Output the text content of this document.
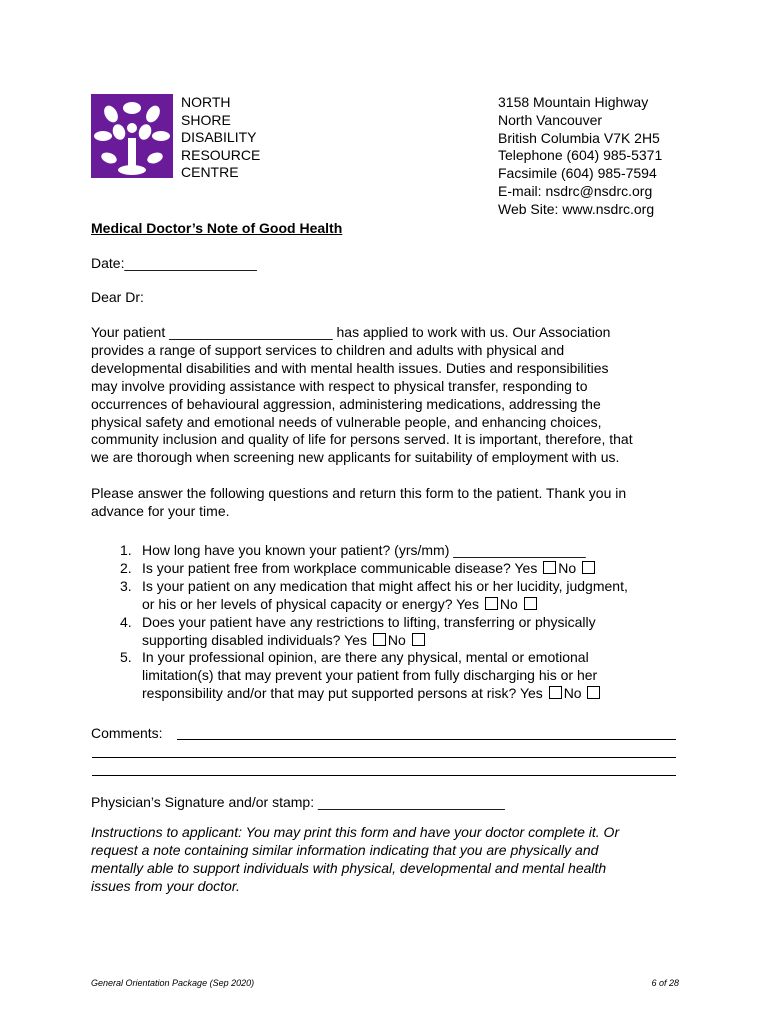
NORTH
SHORE
DISABILITY
RESOURCE
CENTRE
3158 Mountain Highway
North Vancouver
British Columbia V7K 2H5
Telephone (604) 985-5371
Facsimile (604) 985-7594
E-mail: nsdrc@nsdrc.org
Web Site: www.nsdrc.org
Medical Doctor’s Note of Good Health
Date:_________________
Dear Dr:
Your patient _____________________ has applied to work with us. Our Association
provides a range of support services to children and adults with physical and
developmental disabilities and with mental health issues. Duties and responsibilities
may involve providing assistance with respect to physical transfer, responding to
occurrences of behavioural aggression, administering medications, addressing the
physical safety and emotional needs of vulnerable people, and enhancing choices,
community inclusion and quality of life for persons served. It is important, therefore, that
we are thorough when screening new applicants for suitability of employment with us.
Please answer the following questions and return this form to the patient. Thank you in
advance for your time.
1. How long have you known your patient? (yrs/mm) _________________
2. Is your patient free from workplace communicable disease? Yes No
3. Is your patient on any medication that might affect his or her lucidity, judgment,
or his or her levels of physical capacity or energy? Yes No
4. Does your patient have any restrictions to lifting, transferring or physically
supporting disabled individuals? Yes No
5. In your professional opinion, are there any physical, mental or emotional
limitation(s) that may prevent your patient from fully discharging his or her
responsibility and/or that may put supported persons at risk? Yes No
Comments:
Physician’s Signature and/or stamp: ________________________
Instructions to applicant: You may print this form and have your doctor complete it. Or
request a note containing similar information indicating that you are physically and
mentally able to support individuals with physical, developmental and mental health
issues from your doctor.
General Orientation Package (Sep 2020)	6 of 28
